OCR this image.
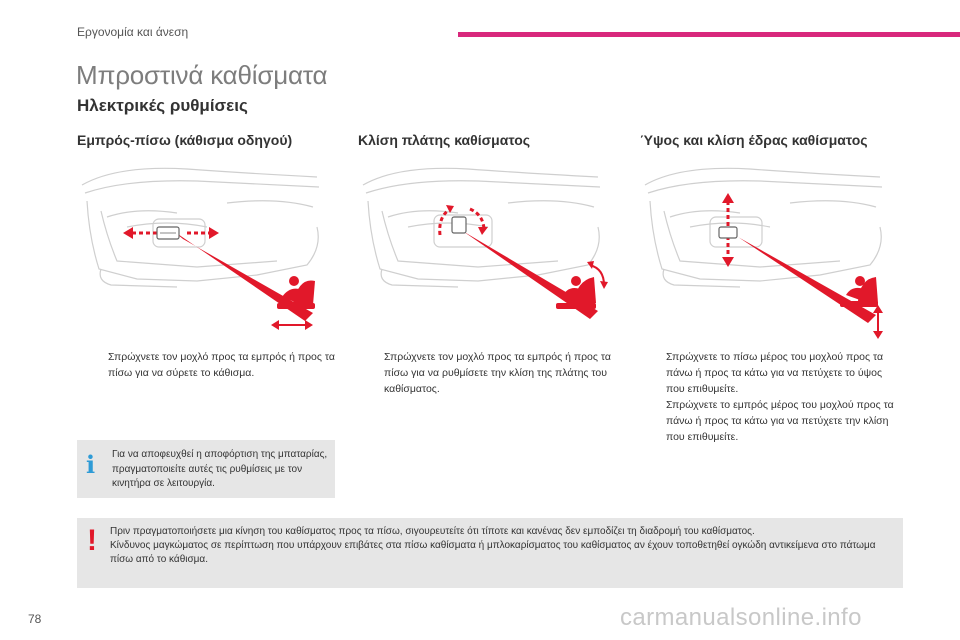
Εργονομία και άνεση
Μπροστινά καθίσματα
Ηλεκτρικές ρυθμίσεις
Εμπρός-πίσω (κάθισμα οδηγού)	Κλίση πλάτης καθίσματος	Ύψος και κλίση έδρας καθίσματος
Σπρώχνετε τον μοχλό προς τα εμπρός ή προς τα πίσω για να σύρετε το κάθισμα.
Σπρώχνετε τον μοχλό προς τα εμπρός ή προς τα πίσω για να ρυθμίσετε την κλίση της πλάτης του καθίσματος.
Σπρώχνετε το πίσω μέρος του μοχλού προς τα πάνω ή προς τα κάτω για να πετύχετε το ύψος που επιθυμείτε.
Σπρώχνετε το εμπρός μέρος του μοχλού προς τα πάνω ή προς τα κάτω για να πετύχετε την κλίση που επιθυμείτε.
i Για να αποφευχθεί η αποφόρτιση της μπαταρίας, πραγματοποιείτε αυτές τις ρυθμίσεις με τον κινητήρα σε λειτουργία.
! Πριν πραγματοποιήσετε μια κίνηση του καθίσματος προς τα πίσω, σιγουρευτείτε ότι τίποτε και κανένας δεν εμποδίζει τη διαδρομή του καθίσματος.
Κίνδυνος μαγκώματος σε περίπτωση που υπάρχουν επιβάτες στα πίσω καθίσματα ή μπλοκαρίσματος του καθίσματος αν έχουν τοποθετηθεί ογκώδη αντικείμενα στο πάτωμα πίσω από το κάθισμα.
78	carmanualsonline.info
